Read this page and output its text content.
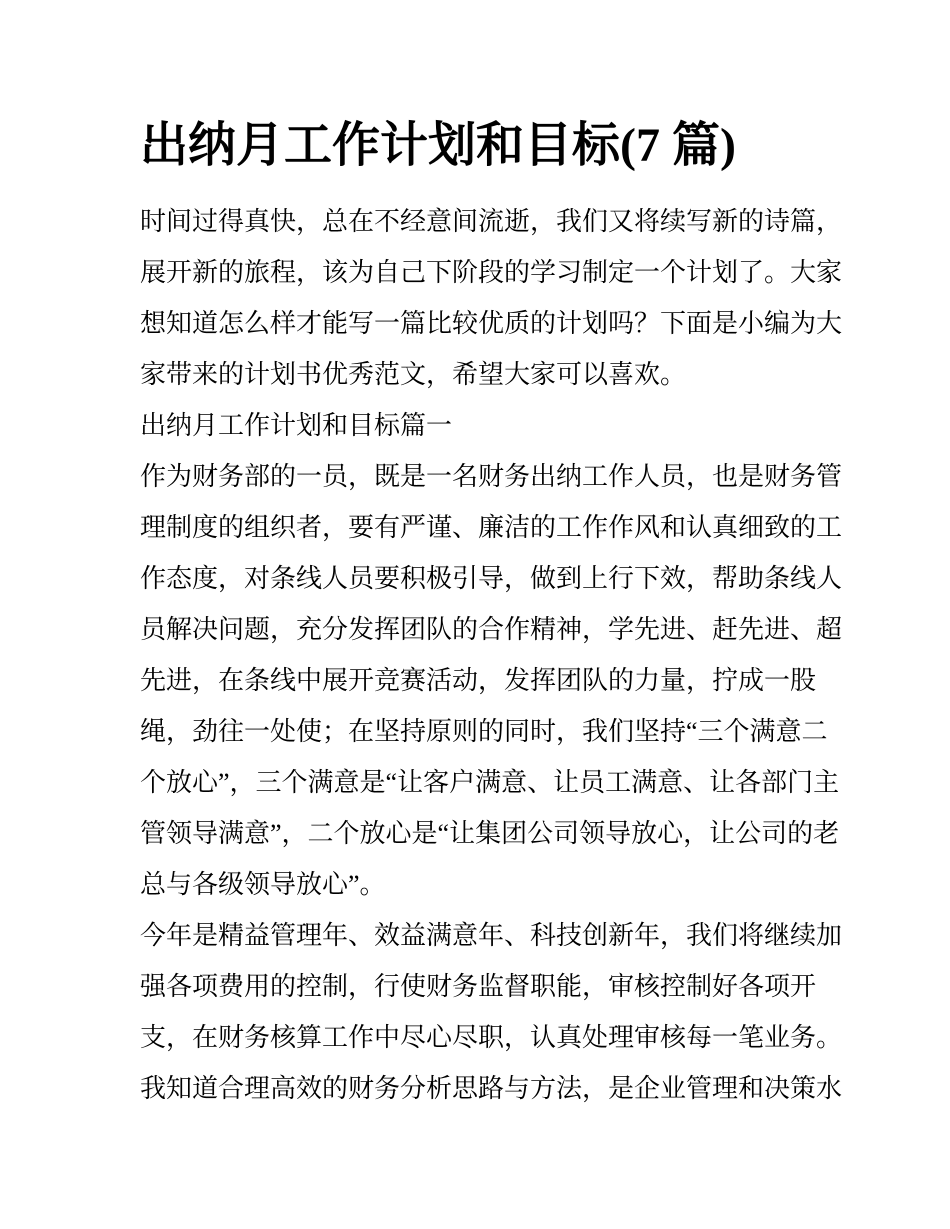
出纳月工作计划和目标(7 篇)
时间过得真快，总在不经意间流逝，我们又将续写新的诗篇，
展开新的旅程，该为自己下阶段的学习制定一个计划了。大家
想知道怎么样才能写一篇比较优质的计划吗？下面是小编为大
家带来的计划书优秀范文，希望大家可以喜欢。
出纳月工作计划和目标篇一
作为财务部的一员，既是一名财务出纳工作人员，也是财务管
理制度的组织者，要有严谨、廉洁的工作作风和认真细致的工
作态度，对条线人员要积极引导，做到上行下效，帮助条线人
员解决问题，充分发挥团队的合作精神，学先进、赶先进、超
先进，在条线中展开竞赛活动，发挥团队的力量，拧成一股
绳，劲往一处使；在坚持原则的同时，我们坚持“三个满意二
个放心”，三个满意是“让客户满意、让员工满意、让各部门主
管领导满意”，二个放心是“让集团公司领导放心，让公司的老
总与各级领导放心”。
今年是精益管理年、效益满意年、科技创新年，我们将继续加
强各项费用的控制，行使财务监督职能，审核控制好各项开
支，在财务核算工作中尽心尽职，认真处理审核每一笔业务。
我知道合理高效的财务分析思路与方法，是企业管理和决策水
